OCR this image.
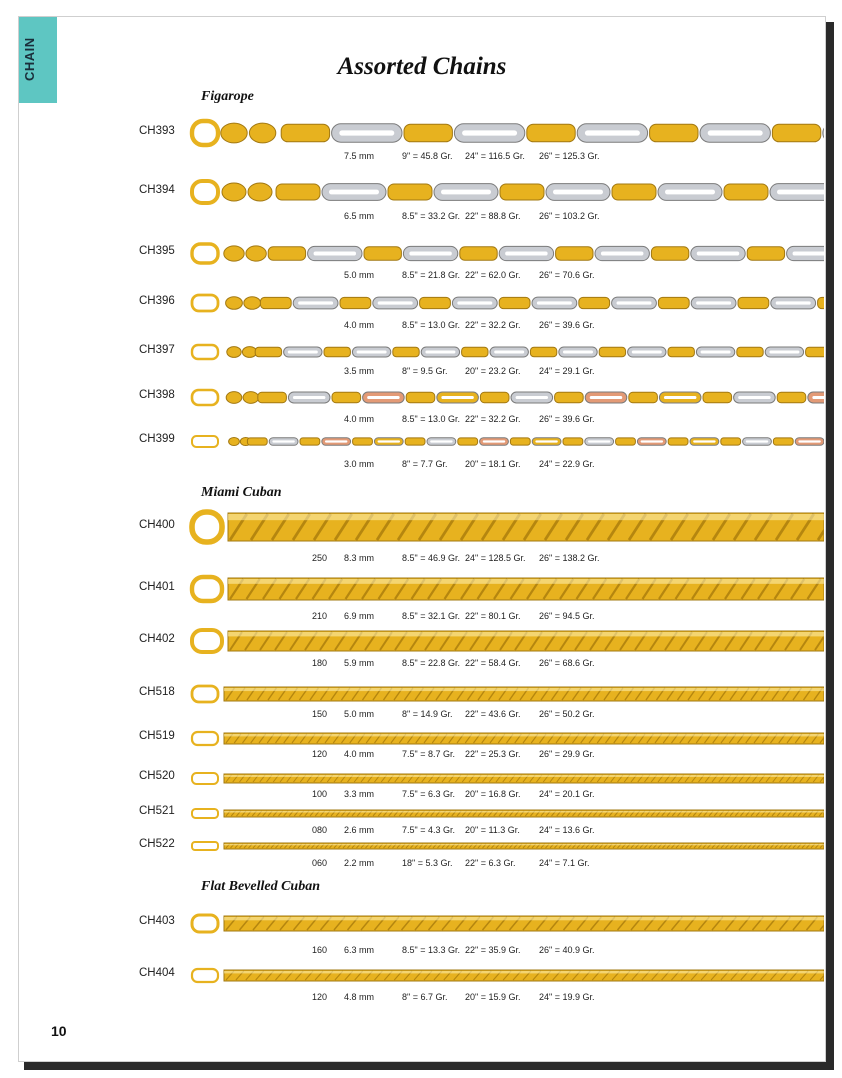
CHAIN	Assorted Chains
10
Figarope
CH393
7.5 mm	9" = 45.8 Gr. 24" = 116.5 Gr. 26" = 125.3 Gr.
CH394
6.5 mm	8.5" = 33.2 Gr. 22" = 88.8 Gr. 26" = 103.2 Gr.
CH395
5.0 mm	8.5" = 21.8 Gr. 22" = 62.0 Gr. 26" = 70.6 Gr.
CH396
4.0 mm	8.5" = 13.0 Gr. 22" = 32.2 Gr. 26" = 39.6 Gr.
CH397
3.5 mm	8" = 9.5 Gr. 20" = 23.2 Gr. 24" = 29.1 Gr.
CH398
4.0 mm	8.5" = 13.0 Gr. 22" = 32.2 Gr. 26" = 39.6 Gr.
CH399
3.0 mm	8" = 7.7 Gr. 20" = 18.1 Gr. 24" = 22.9 Gr.
Miami Cuban
CH400
250 8.3 mm	8.5" = 46.9 Gr. 24" = 128.5 Gr. 26" = 138.2 Gr.
CH401
210 6.9 mm	8.5" = 32.1 Gr. 22" = 80.1 Gr. 26" = 94.5 Gr.
CH402
180 5.9 mm	8.5" = 22.8 Gr. 22" = 58.4 Gr. 26" = 68.6 Gr.
CH518
150 5.0 mm	8" = 14.9 Gr. 22" = 43.6 Gr. 26" = 50.2 Gr.
CH519
120 4.0 mm	7.5" = 8.7 Gr. 22" = 25.3 Gr. 26" = 29.9 Gr.
CH520
100 3.3 mm	7.5" = 6.3 Gr. 20" = 16.8 Gr. 24" = 20.1 Gr.
CH521
080 2.6 mm	7.5" = 4.3 Gr. 20" = 11.3 Gr. 24" = 13.6 Gr.
CH522
060 2.2 mm	18" = 5.3 Gr. 22" = 6.3 Gr.	24" = 7.1 Gr.
Flat Bevelled Cuban
CH403
160 6.3 mm	8.5" = 13.3 Gr. 22" = 35.9 Gr. 26" = 40.9 Gr.
CH404
120 4.8 mm	8" = 6.7 Gr. 20" = 15.9 Gr. 24" = 19.9 Gr.
